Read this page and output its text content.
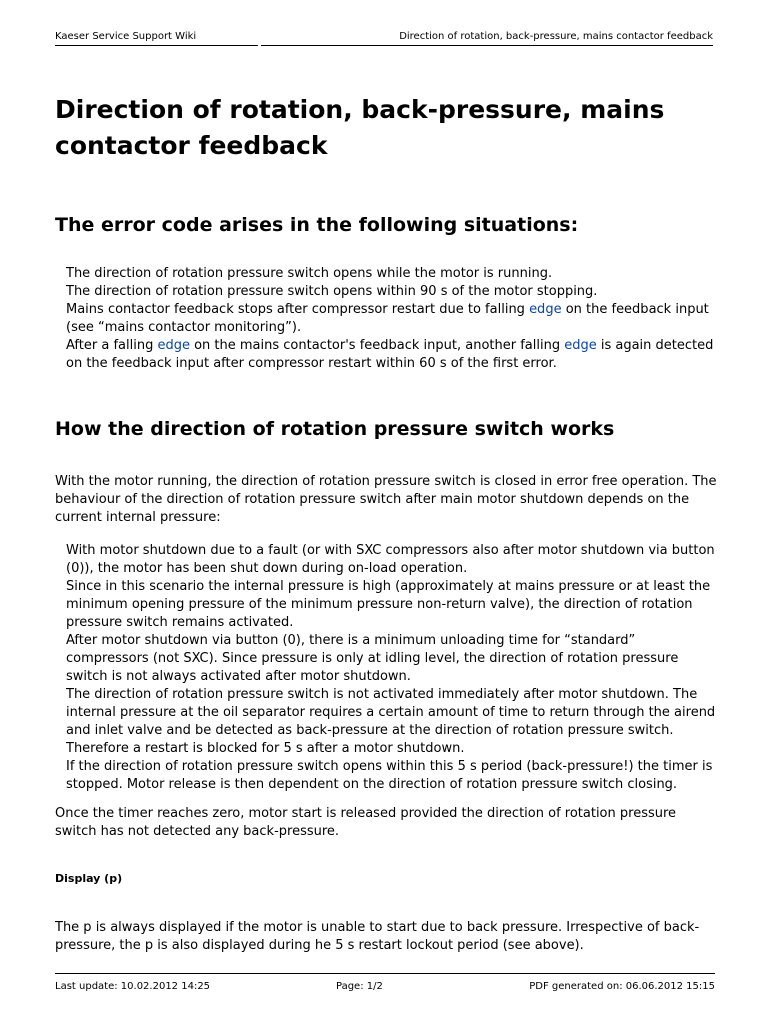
Kaeser Service Support Wiki	Direction of rotation, back-pressure, mains contactor feedback
Direction of rotation, back-pressure, mains contactor feedback
The error code arises in the following situations:
The direction of rotation pressure switch opens while the motor is running.
The direction of rotation pressure switch opens within 90 s of the motor stopping.
Mains contactor feedback stops after compressor restart due to falling edge on the feedback input (see “mains contactor monitoring”).
After a falling edge on the mains contactor's feedback input, another falling edge is again detected on the feedback input after compressor restart within 60 s of the first error.
How the direction of rotation pressure switch works
With the motor running, the direction of rotation pressure switch is closed in error free operation. The behaviour of the direction of rotation pressure switch after main motor shutdown depends on the current internal pressure:
With motor shutdown due to a fault (or with SXC compressors also after motor shutdown via button (0)), the motor has been shut down during on-load operation.
Since in this scenario the internal pressure is high (approximately at mains pressure or at least the minimum opening pressure of the minimum pressure non-return valve), the direction of rotation pressure switch remains activated.
After motor shutdown via button (0), there is a minimum unloading time for “standard” compressors (not SXC). Since pressure is only at idling level, the direction of rotation pressure switch is not always activated after motor shutdown.
The direction of rotation pressure switch is not activated immediately after motor shutdown. The internal pressure at the oil separator requires a certain amount of time to return through the airend and inlet valve and be detected as back-pressure at the direction of rotation pressure switch.
Therefore a restart is blocked for 5 s after a motor shutdown.
If the direction of rotation pressure switch opens within this 5 s period (back-pressure!) the timer is stopped. Motor release is then dependent on the direction of rotation pressure switch closing.
Once the timer reaches zero, motor start is released provided the direction of rotation pressure switch has not detected any back-pressure.
Display (p)
The p is always displayed if the motor is unable to start due to back pressure. Irrespective of back-pressure, the p is also displayed during he 5 s restart lockout period (see above).
Last update: 10.02.2012 14:25	Page: 1/2	PDF generated on: 06.06.2012 15:15
